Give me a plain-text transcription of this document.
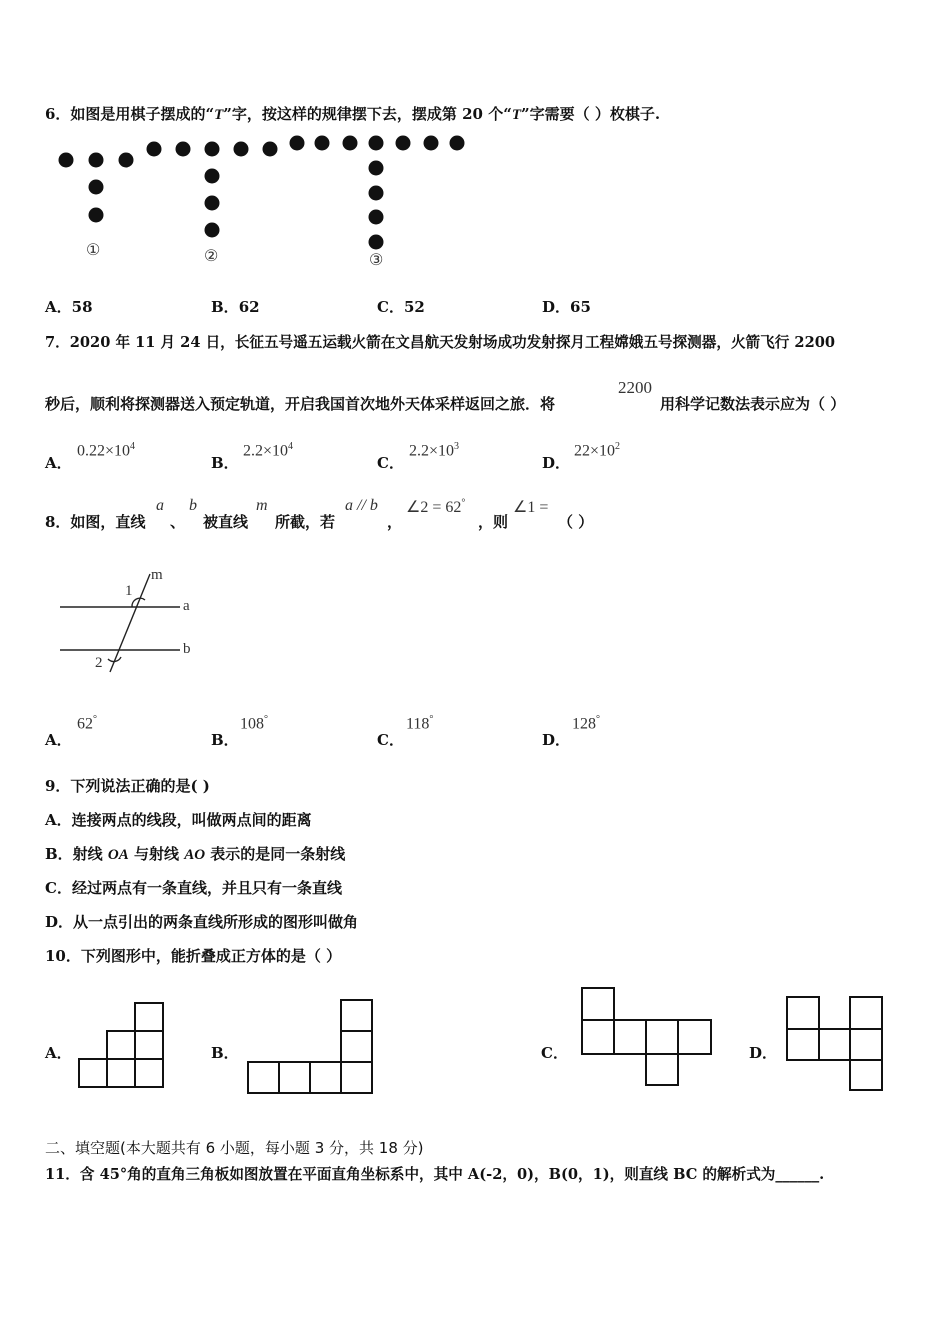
6．如图是用棋子摆成的“T”字，按这样的规律摆下去，摆成第 20 个“T”字需要（ ）枚棋子.
①	②	③
A．58	B．62	C．52	D．65
7．2020 年 11 月 24 日，长征五号遥五运载火箭在文昌航天发射场成功发射探月工程嫦娥五号探测器，火箭飞行 2200
秒后，顺利将探测器送入预定轨道，开启我国首次地外天体采样返回之旅．将
2200
用科学记数法表示应为（ ）
A．
$0.22\times 10^4$
B．
$2.2\times 10^4$
C．
$2.2\times 10^3$
D．
$22\times 10^2$
8．如图，直线
a
、
b
被直线
m
所截，若
a // b
，
∠2 = 62°
，则
∠1 =
（ ）
1
2
m
a
b
A．
62°
B．
108°
C．
118°
D．
128°
9．下列说法正确的是( )
A．连接两点的线段，叫做两点间的距离
B．射线 OA 与射线 AO 表示的是同一条射线
C．经过两点有一条直线，并且只有一条直线
D．从一点引出的两条直线所形成的图形叫做角
10．下列图形中，能折叠成正方体的是（ ）
A．	B．	C．	D．
二、填空题(本大题共有 6 小题，每小题 3 分，共 18 分)
11．含 45°角的直角三角板如图放置在平面直角坐标系中，其中 A(-2，0)，B(0，1)，则直线 BC 的解析式为______.
